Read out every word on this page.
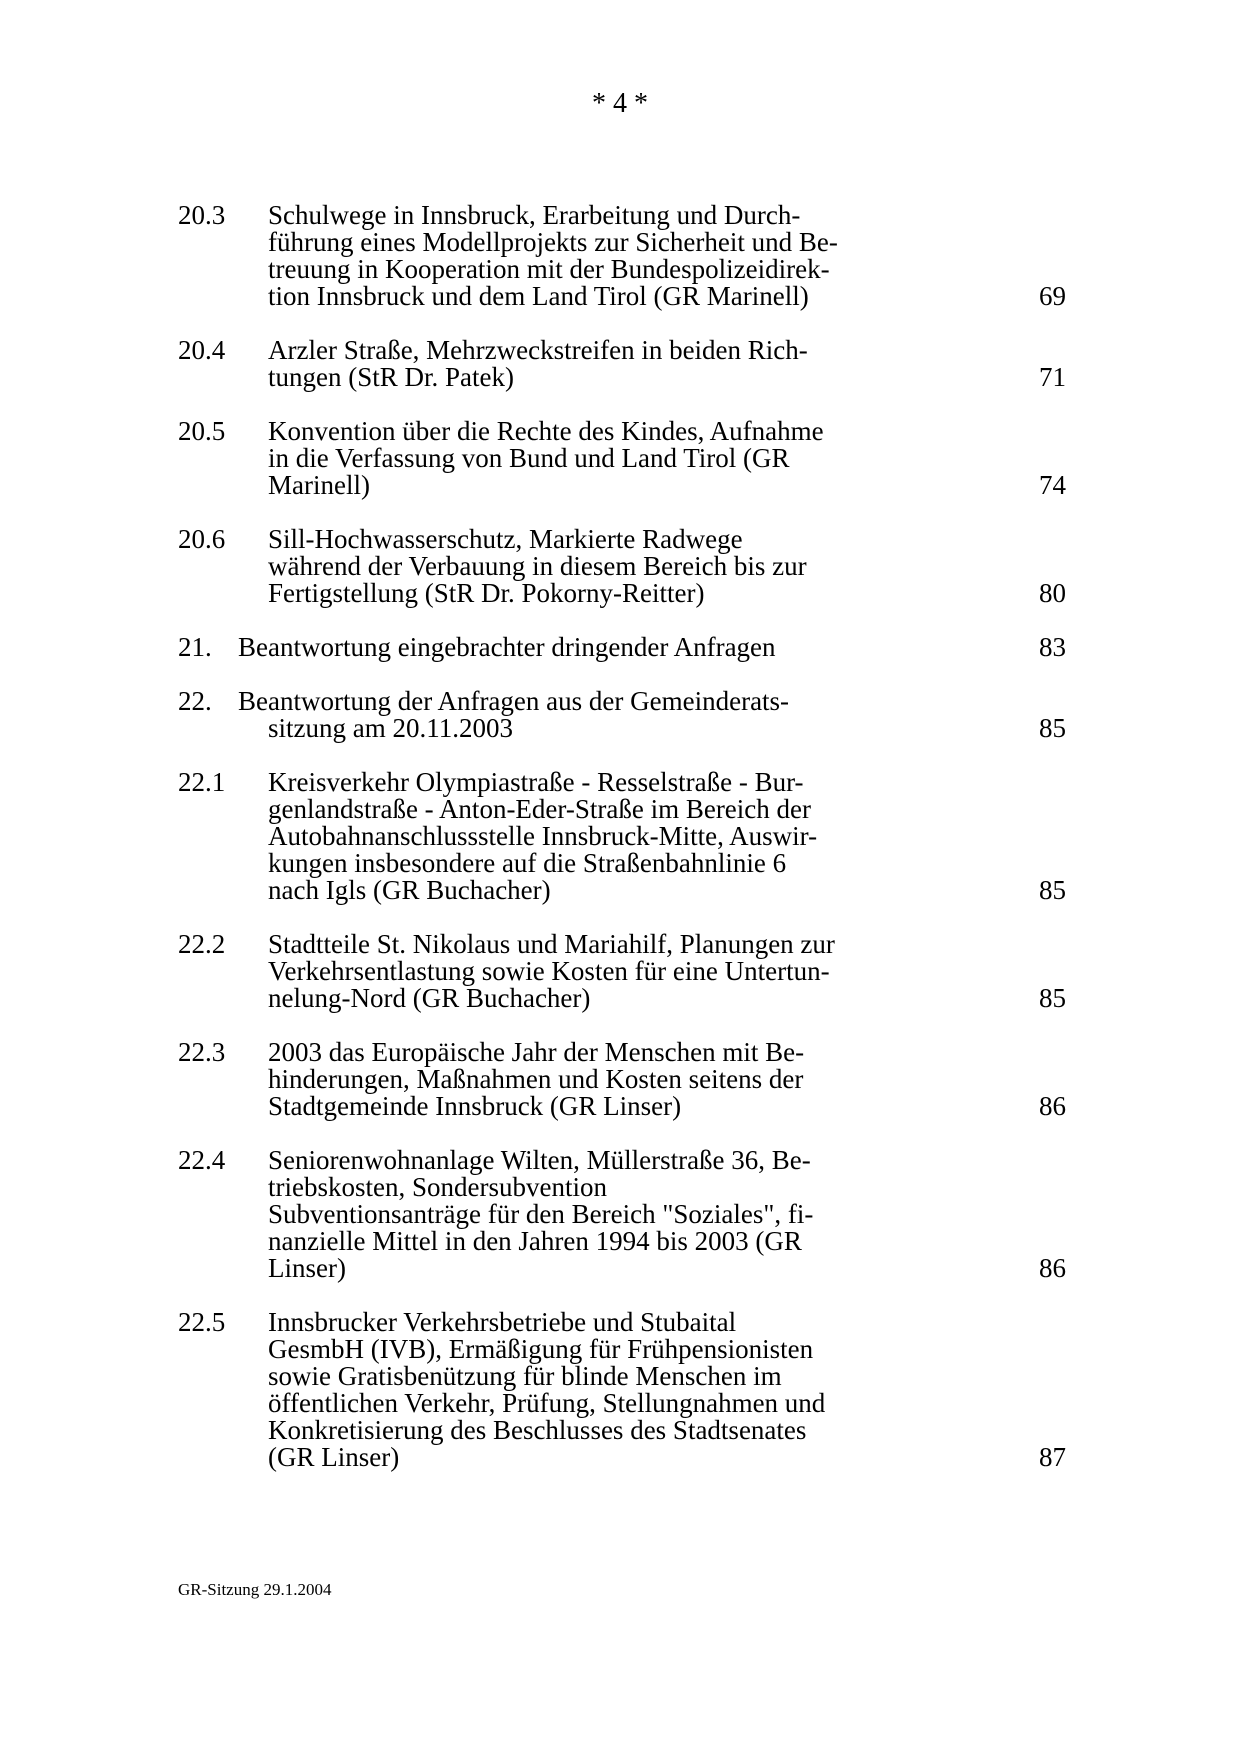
* 4 *
20.3 Schulwege in Innsbruck, Erarbeitung und Durch-
führung eines Modellprojekts zur Sicherheit und Be-
treuung in Kooperation mit der Bundespolizeidirek-
tion Innsbruck und dem Land Tirol (GR Marinell)	69
20.4 Arzler Straße, Mehrzweckstreifen in beiden Rich-
tungen (StR Dr. Patek)	71
20.5 Konvention über die Rechte des Kindes, Aufnahme
in die Verfassung von Bund und Land Tirol (GR
Marinell)	74
20.6 Sill-Hochwasserschutz, Markierte Radwege
während der Verbauung in diesem Bereich bis zur
Fertigstellung (StR Dr. Pokorny-Reitter)	80
21. Beantwortung eingebrachter dringender Anfragen	83
22. Beantwortung der Anfragen aus der Gemeinderats-
sitzung am 20.11.2003	85
22.1 Kreisverkehr Olympiastraße - Resselstraße - Bur-
genlandstraße - Anton-Eder-Straße im Bereich der
Autobahnanschlussstelle Innsbruck-Mitte, Auswir-
kungen insbesondere auf die Straßenbahnlinie 6
nach Igls (GR Buchacher)	85
22.2 Stadtteile St. Nikolaus und Mariahilf, Planungen zur
Verkehrsentlastung sowie Kosten für eine Untertun-
nelung-Nord (GR Buchacher)	85
22.3 2003 das Europäische Jahr der Menschen mit Be-
hinderungen, Maßnahmen und Kosten seitens der
Stadtgemeinde Innsbruck (GR Linser)	86
22.4 Seniorenwohnanlage Wilten, Müllerstraße 36, Be-
triebskosten, Sondersubvention
Subventionsanträge für den Bereich "Soziales", fi-
nanzielle Mittel in den Jahren 1994 bis 2003 (GR
Linser)	86
22.5 Innsbrucker Verkehrsbetriebe und Stubaital
GesmbH (IVB), Ermäßigung für Frühpensionisten
sowie Gratisbenützung für blinde Menschen im
öffentlichen Verkehr, Prüfung, Stellungnahmen und
Konkretisierung des Beschlusses des Stadtsenates
(GR Linser)	87
GR-Sitzung 29.1.2004
